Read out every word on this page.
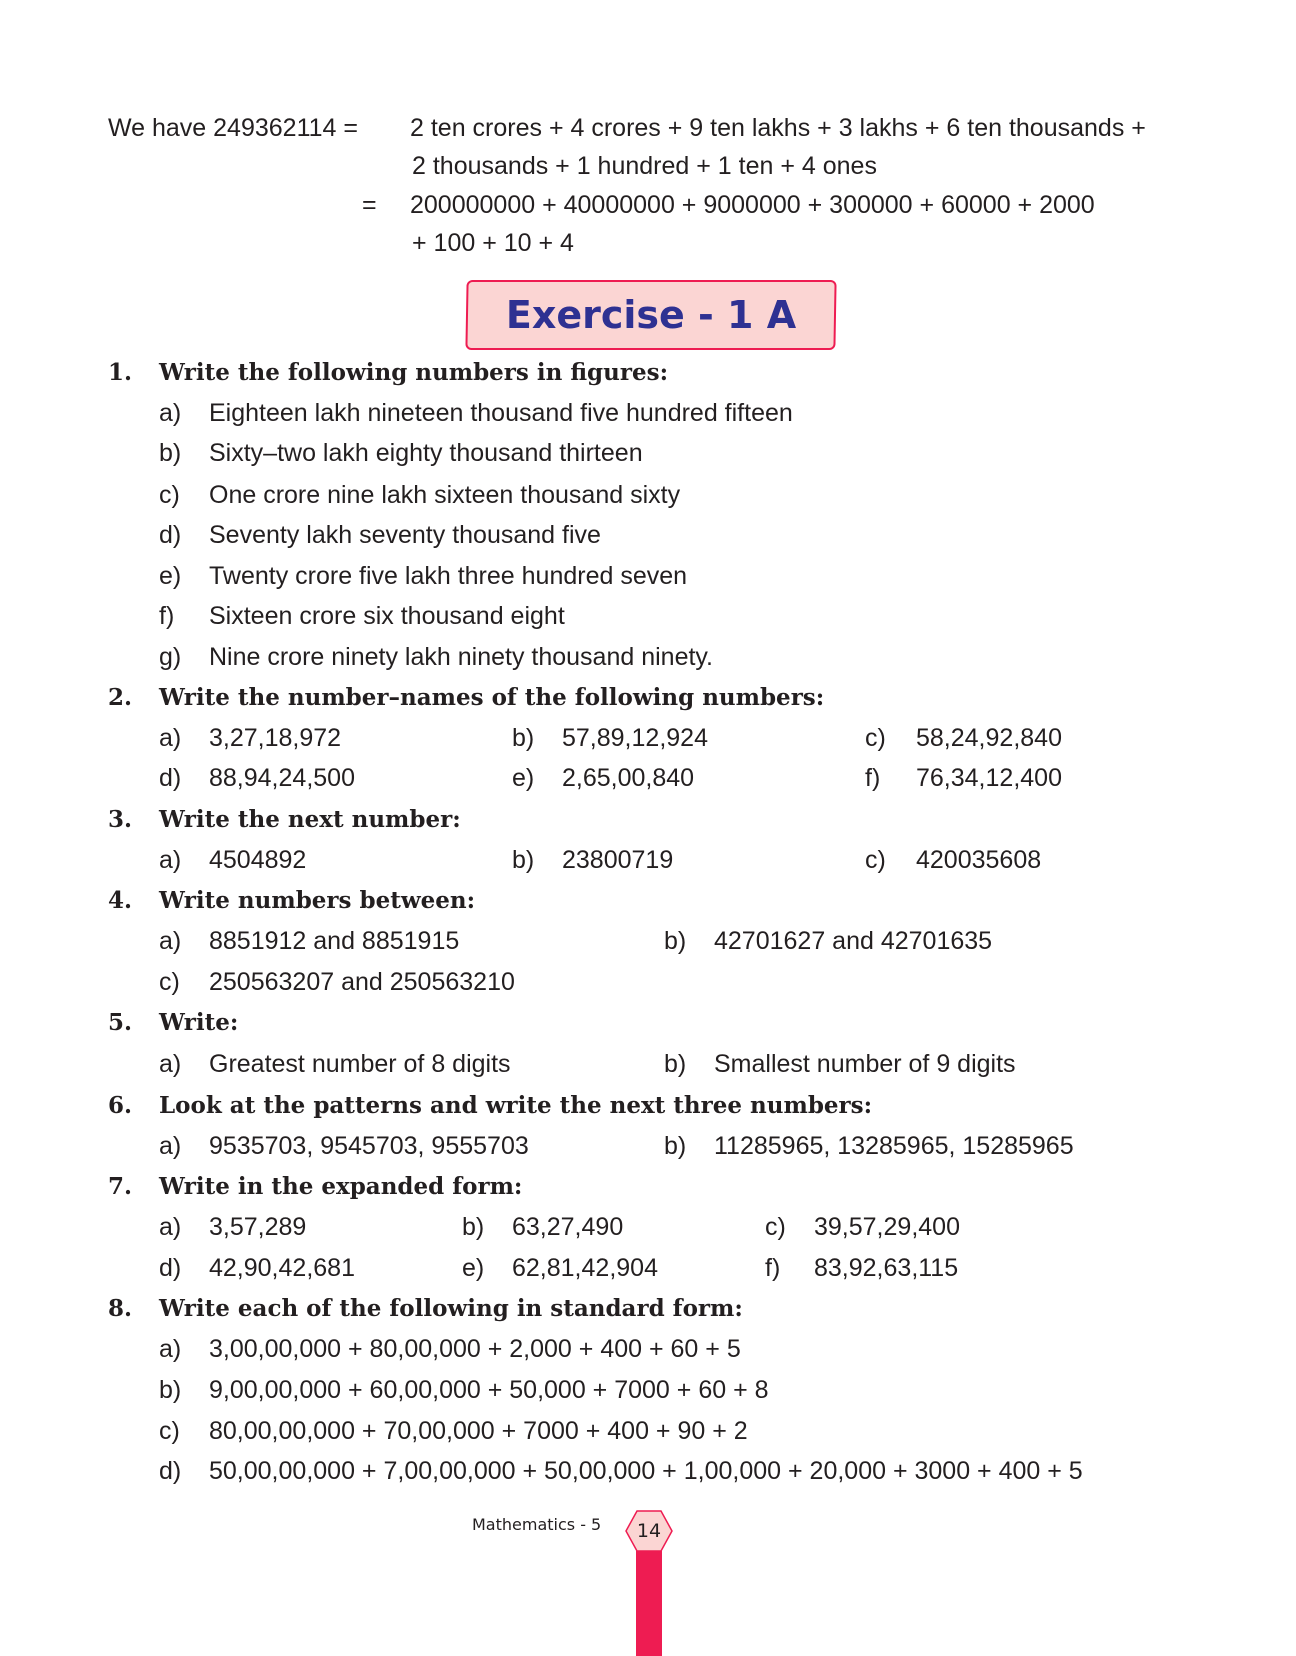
We have 249362114 = 2 ten crores + 4 crores + 9 ten lakhs + 3 lakhs + 6 ten thousands +
2 thousands + 1 hundred + 1 ten + 4 ones
= 200000000 + 40000000 + 9000000 + 300000 + 60000 + 2000
+ 100 + 10 + 4
Exercise - 1 A
1. Write the following numbers in figures:
a) Eighteen lakh nineteen thousand five hundred fifteen
b) Sixty–two lakh eighty thousand thirteen
c) One crore nine lakh sixteen thousand sixty
d) Seventy lakh seventy thousand five
e) Twenty crore five lakh three hundred seven
f) Sixteen crore six thousand eight
g) Nine crore ninety lakh ninety thousand ninety.
2. Write the number–names of the following numbers:
a) 3,27,18,972	b) 57,89,12,924	c) 58,24,92,840
d) 88,94,24,500	e) 2,65,00,840	f) 76,34,12,400
3. Write the next number:
a) 4504892	b) 23800719	c) 420035608
4. Write numbers between:
a) 8851912 and 8851915	b) 42701627 and 42701635
c) 250563207 and 250563210
5. Write:
a) Greatest number of 8 digits	b) Smallest number of 9 digits
6. Look at the patterns and write the next three numbers:
a) 9535703, 9545703, 9555703	b) 11285965, 13285965, 15285965
7. Write in the expanded form:
a) 3,57,289	b) 63,27,490	c) 39,57,29,400
d) 42,90,42,681	e) 62,81,42,904	f) 83,92,63,115
8. Write each of the following in standard form:
a) 3,00,00,000 + 80,00,000 + 2,000 + 400 + 60 + 5
b) 9,00,00,000 + 60,00,000 + 50,000 + 7000 + 60 + 8
c) 80,00,00,000 + 70,00,000 + 7000 + 400 + 90 + 2
d) 50,00,00,000 + 7,00,00,000 + 50,00,000 + 1,00,000 + 20,000 + 3000 + 400 + 5
Mathematics - 5	14
